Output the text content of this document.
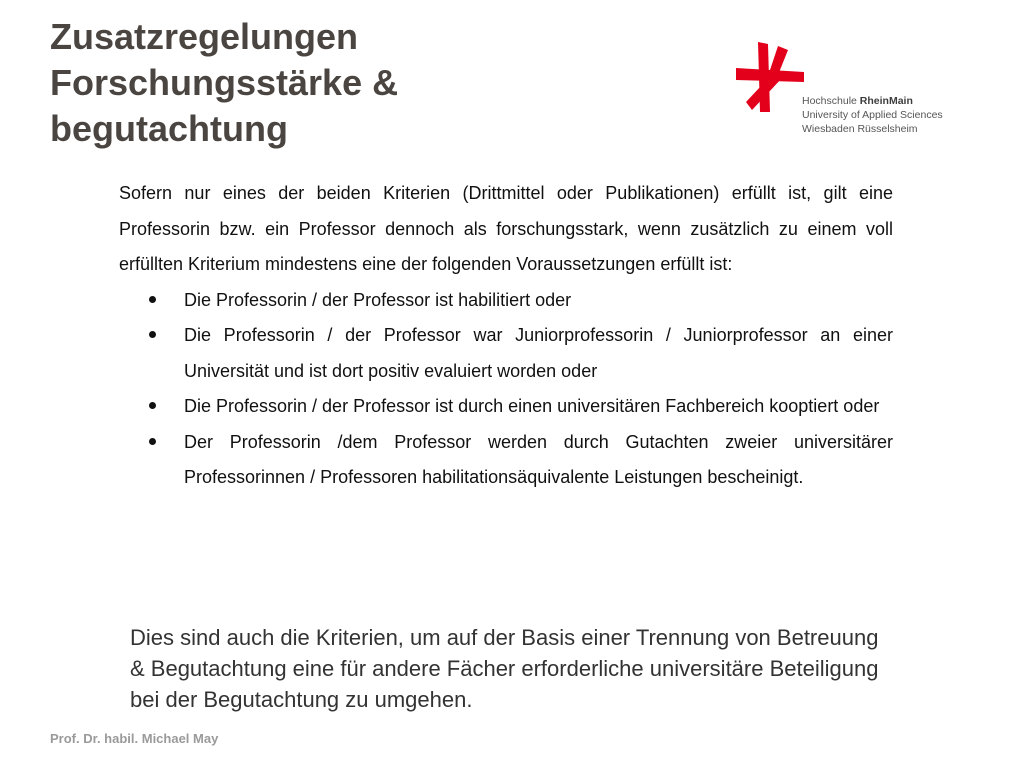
Zusatzregelungen
Forschungsstärke &
begutachtung
Hochschule RheinMain
University of Applied Sciences
Wiesbaden Rüsselsheim

Sofern nur eines der beiden Kriterien (Drittmittel oder Publikationen) erfüllt ist, gilt eine Professorin bzw. ein Professor dennoch als forschungsstark, wenn zusätzlich zu einem voll erfüllten Kriterium mindestens eine der folgenden Voraussetzungen erfüllt ist:

Die Professorin / der Professor ist habilitiert oder
Die Professorin / der Professor war Juniorprofessorin / Juniorprofessor an einer Universität und ist dort positiv evaluiert worden oder
Die Professorin / der Professor ist durch einen universitären Fachbereich kooptiert oder
Der Professorin /dem Professor werden durch Gutachten zweier universitärer Professorinnen / Professoren habilitationsäquivalente Leistungen bescheinigt.

Dies sind auch die Kriterien, um auf der Basis einer Trennung von Betreuung & Begutachtung eine für andere Fächer erforderliche universitäre Beteiligung bei der Begutachtung zu umgehen.

Prof. Dr. habil. Michael May
